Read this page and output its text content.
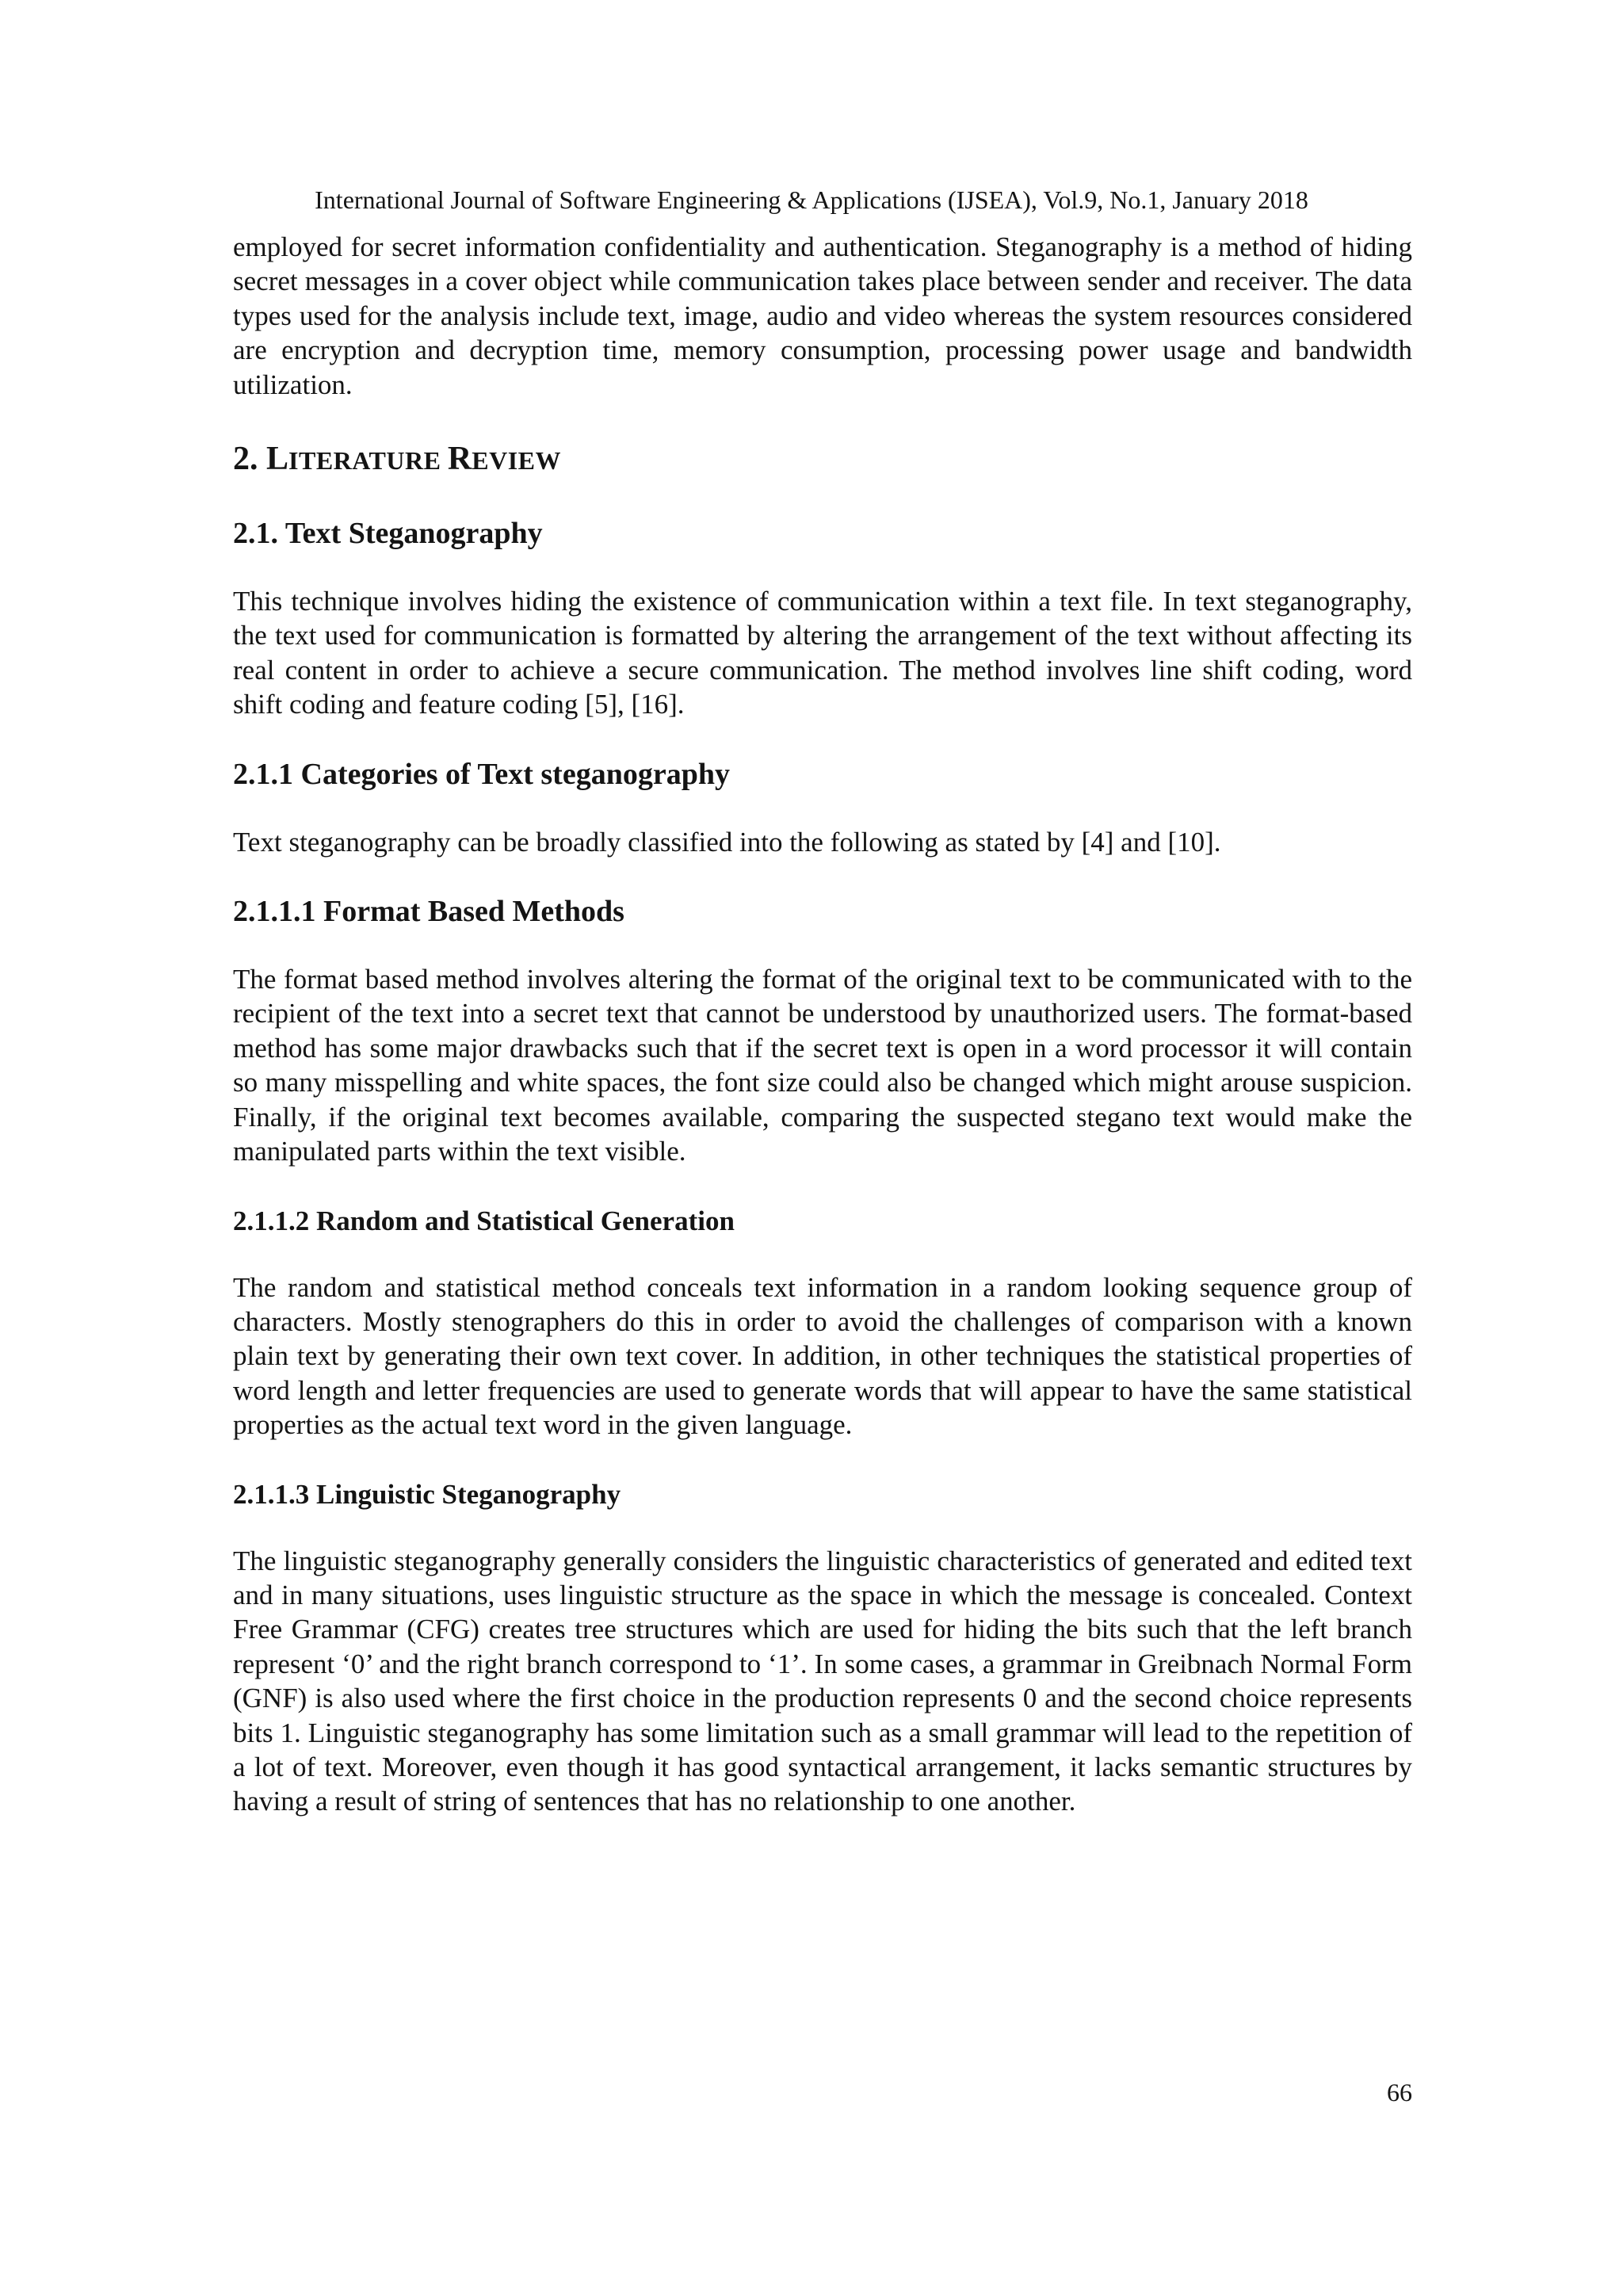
International Journal of Software Engineering & Applications (IJSEA), Vol.9, No.1, January 2018

employed for secret information confidentiality and authentication. Steganography is a method of hiding secret messages in a cover object while communication takes place between sender and receiver. The data types used for the analysis include text, image, audio and video whereas the system resources considered are encryption and decryption time, memory consumption, processing power usage and bandwidth utilization.

2. LITERATURE REVIEW
2.1. Text Steganography

This technique involves hiding the existence of communication within a text file. In text steganography, the text used for communication is formatted by altering the arrangement of the text without affecting its real content in order to achieve a secure communication. The method involves line shift coding, word shift coding and feature coding [5], [16].

2.1.1 Categories of Text steganography

Text steganography can be broadly classified into the following as stated by [4] and [10].

2.1.1.1 Format Based Methods

The format based method involves altering the format of the original text to be communicated with to the recipient of the text into a secret text that cannot be understood by unauthorized users. The format-based method has some major drawbacks such that if the secret text is open in a word processor it will contain so many misspelling and white spaces, the font size could also be changed which might arouse suspicion. Finally, if the original text becomes available, comparing the suspected stegano text would make the manipulated parts within the text visible.

2.1.1.2 Random and Statistical Generation

The random and statistical method conceals text information in a random looking sequence group of characters. Mostly stenographers do this in order to avoid the challenges of comparison with a known plain text by generating their own text cover. In addition, in other techniques the statistical properties of word length and letter frequencies are used to generate words that will appear to have the same statistical properties as the actual text word in the given language.

2.1.1.3 Linguistic Steganography

The linguistic steganography generally considers the linguistic characteristics of generated and edited text and in many situations, uses linguistic structure as the space in which the message is concealed. Context Free Grammar (CFG) creates tree structures which are used for hiding the bits such that the left branch represent ‘0’ and the right branch correspond to ‘1’. In some cases, a grammar in Greibnach Normal Form (GNF) is also used where the first choice in the production represents 0 and the second choice represents bits 1. Linguistic steganography has some limitation such as a small grammar will lead to the repetition of a lot of text. Moreover, even though it has good syntactical arrangement, it lacks semantic structures by having a result of string of sentences that has no relationship to one another.

66
